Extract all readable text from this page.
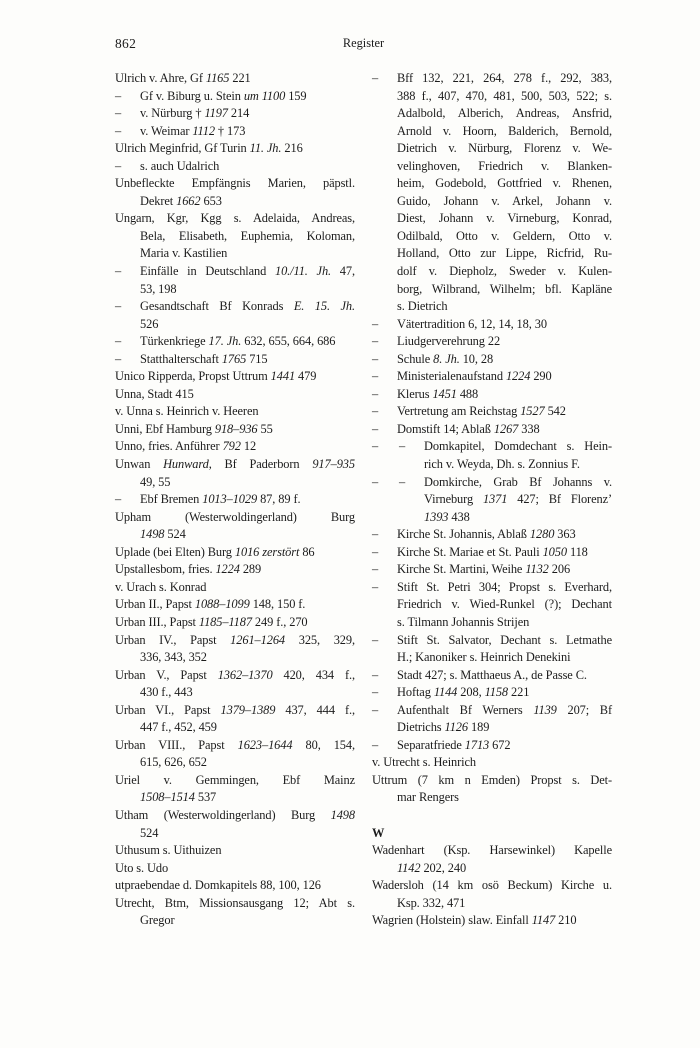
862	Register
Ulrich v. Ahre, Gf 1165 221
– Gf v. Biburg u. Stein um 1100 159
– v. Nürburg † 1197 214
– v. Weimar 1112 † 173
Ulrich Meginfrid, Gf Turin 11. Jh. 216
– s. auch Udalrich
Unbefleckte Empfängnis Marien, päpstl.
Dekret 1662 653
Ungarn, Kgr, Kgg s. Adelaida, Andreas,
Bela, Elisabeth, Euphemia, Koloman,
Maria v. Kastilien
– Einfälle in Deutschland 10./11. Jh. 47,
53, 198
– Gesandtschaft Bf Konrads E. 15. Jh.
526
– Türkenkriege 17. Jh. 632, 655, 664, 686
– Statthalterschaft 1765 715
Unico Ripperda, Propst Uttrum 1441 479
Unna, Stadt 415
v. Unna s. Heinrich v. Heeren
Unni, Ebf Hamburg 918–936 55
Unno, fries. Anführer 792 12
Unwan Hunward, Bf Paderborn 917–935
49, 55
– Ebf Bremen 1013–1029 87, 89 f.
Upham (Westerwoldingerland) Burg
1498 524
Uplade (bei Elten) Burg 1016 zerstört 86
Upstallesbom, fries. 1224 289
v. Urach s. Konrad
Urban II., Papst 1088–1099 148, 150 f.
Urban III., Papst 1185–1187 249 f., 270
Urban IV., Papst 1261–1264 325, 329,
336, 343, 352
Urban V., Papst 1362–1370 420, 434 f.,
430 f., 443
Urban VI., Papst 1379–1389 437, 444 f.,
447 f., 452, 459
Urban VIII., Papst 1623–1644 80, 154,
615, 626, 652
Uriel v. Gemmingen, Ebf Mainz
1508–1514 537
Utham (Westerwoldingerland) Burg 1498
524
Uthusum s. Uithuizen
Uto s. Udo
utpraebendae d. Domkapitels 88, 100, 126
Utrecht, Btm, Missionsausgang 12; Abt s.
Gregor
– Bff 132, 221, 264, 278 f., 292, 383,
388 f., 407, 470, 481, 500, 503, 522; s.
Adalbold, Alberich, Andreas, Ansfrid,
Arnold v. Hoorn, Balderich, Bernold,
Dietrich v. Nürburg, Florenz v. We-
velinghoven, Friedrich v. Blanken-
heim, Godebold, Gottfried v. Rhenen,
Guido, Johann v. Arkel, Johann v.
Diest, Johann v. Virneburg, Konrad,
Odilbald, Otto v. Geldern, Otto v.
Holland, Otto zur Lippe, Ricfrid, Ru-
dolf v. Diepholz, Sweder v. Kulen-
borg, Wilbrand, Wilhelm; bfl. Kapläne
s. Dietrich
– Vätertradition 6, 12, 14, 18, 30
– Liudgerverehrung 22
– Schule 8. Jh. 10, 28
– Ministerialenaufstand 1224 290
– Klerus 1451 488
– Vertretung am Reichstag 1527 542
– Domstift 14; Ablaß 1267 338
– – Domkapitel, Domdechant s. Hein-
rich v. Weyda, Dh. s. Zonnius F.
– – Domkirche, Grab Bf Johanns v.
Virneburg 1371 427; Bf Florenz’
1393 438
– Kirche St. Johannis, Ablaß 1280 363
– Kirche St. Mariae et St. Pauli 1050 118
– Kirche St. Martini, Weihe 1132 206
– Stift St. Petri 304; Propst s. Everhard,
Friedrich v. Wied-Runkel (?); Dechant
s. Tilmann Johannis Strijen
– Stift St. Salvator, Dechant s. Letmathe
H.; Kanoniker s. Heinrich Denekini
– Stadt 427; s. Matthaeus A., de Passe C.
– Hoftag 1144 208, 1158 221
– Aufenthalt Bf Werners 1139 207; Bf
Dietrichs 1126 189
– Separatfriede 1713 672
v. Utrecht s. Heinrich
Uttrum (7 km n Emden) Propst s. Det-
mar Rengers

W
Wadenhart (Ksp. Harsewinkel) Kapelle
1142 202, 240
Wadersloh (14 km osö Beckum) Kirche u.
Ksp. 332, 471
Wagrien (Holstein) slaw. Einfall 1147 210
